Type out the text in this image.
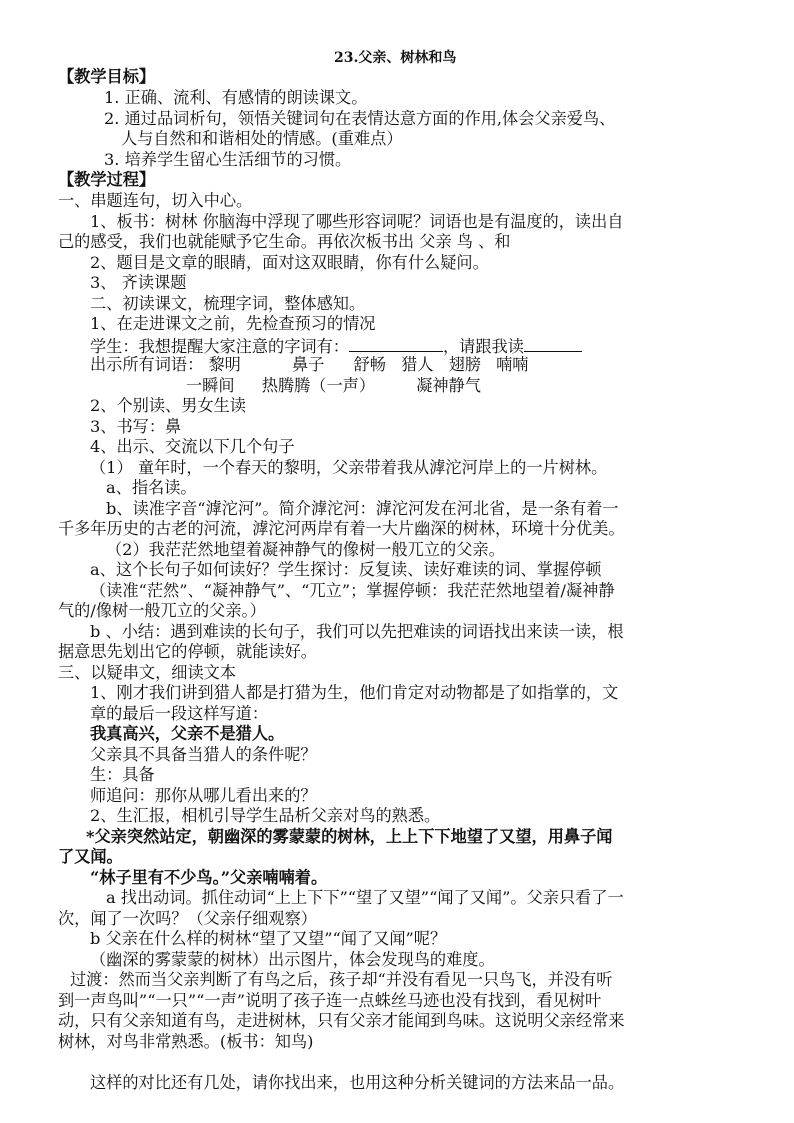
23.父亲、树林和鸟
【教学目标】
1. 正确、流利、有感情的朗读课文。
2. 通过品词析句，领悟关键词句在表情达意方面的作用,体会父亲爱鸟、
人与自然和和谐相处的情感。(重难点）
3. 培养学生留心生活细节的习惯。
【教学过程】
一、串题连句，切入中心。
1、板书：树林 你脑海中浮现了哪些形容词呢？词语也是有温度的，读出自
己的感受，我们也就能赋予它生命。再依次板书出 父亲 鸟 、和
2、题目是文章的眼睛，面对这双眼睛，你有什么疑问。
3、 齐读课题
二、初读课文，梳理字词，整体感知。
1、在走进课文之前，先检查预习的情况
学生：我想提醒大家注意的字词有：	，请跟我读
出示所有词语： 黎明	鼻子 舒畅 猎人 翅膀 喃喃
一瞬间 热腾腾（一声）	凝神静气
2、个别读、男女生读
3、书写：鼻
4、出示、交流以下几个句子
（1） 童年时，一个春天的黎明，父亲带着我从滹沱河岸上的一片树林。
a、指名读。
b、读准字音“滹沱河”。简介滹沱河：滹沱河发在河北省，是一条有着一
千多年历史的古老的河流，滹沱河两岸有着一大片幽深的树林，环境十分优美。
（2）我茫茫然地望着凝神静气的像树一般兀立的父亲。
a、这个长句子如何读好？学生探讨：反复读、读好难读的词、掌握停顿
（读准“茫然”、“凝神静气”、“兀立”；掌握停顿：我茫茫然地望着/凝神静
气的/像树一般兀立的父亲。）
b 、小结：遇到难读的长句子，我们可以先把难读的词语找出来读一读，根
据意思先划出它的停顿，就能读好。
三、以疑串文，细读文本
1、刚才我们讲到猎人都是打猎为生，他们肯定对动物都是了如指掌的，文
章的最后一段这样写道：
我真高兴，父亲不是猎人。
父亲具不具备当猎人的条件呢？
生：具备
师追问：那你从哪儿看出来的？
2、生汇报，相机引导学生品析父亲对鸟的熟悉。
*父亲突然站定，朝幽深的雾蒙蒙的树林，上上下下地望了又望，用鼻子闻
了又闻。
“林子里有不少鸟。”父亲喃喃着。
a 找出动词。抓住动词“上上下下”“望了又望”“闻了又闻”。父亲只看了一
次，闻了一次吗？（父亲仔细观察）
b 父亲在什么样的树林“望了又望”“闻了又闻”呢？
（幽深的雾蒙蒙的树林）出示图片，体会发现鸟的难度。
过渡：然而当父亲判断了有鸟之后，孩子却“并没有看见一只鸟飞，并没有听
到一声鸟叫”“一只”“一声”说明了孩子连一点蛛丝马迹也没有找到，看见树叶
动，只有父亲知道有鸟，走进树林，只有父亲才能闻到鸟味。这说明父亲经常来
树林，对鸟非常熟悉。(板书：知鸟)
这样的对比还有几处，请你找出来，也用这种分析关键词的方法来品一品。
